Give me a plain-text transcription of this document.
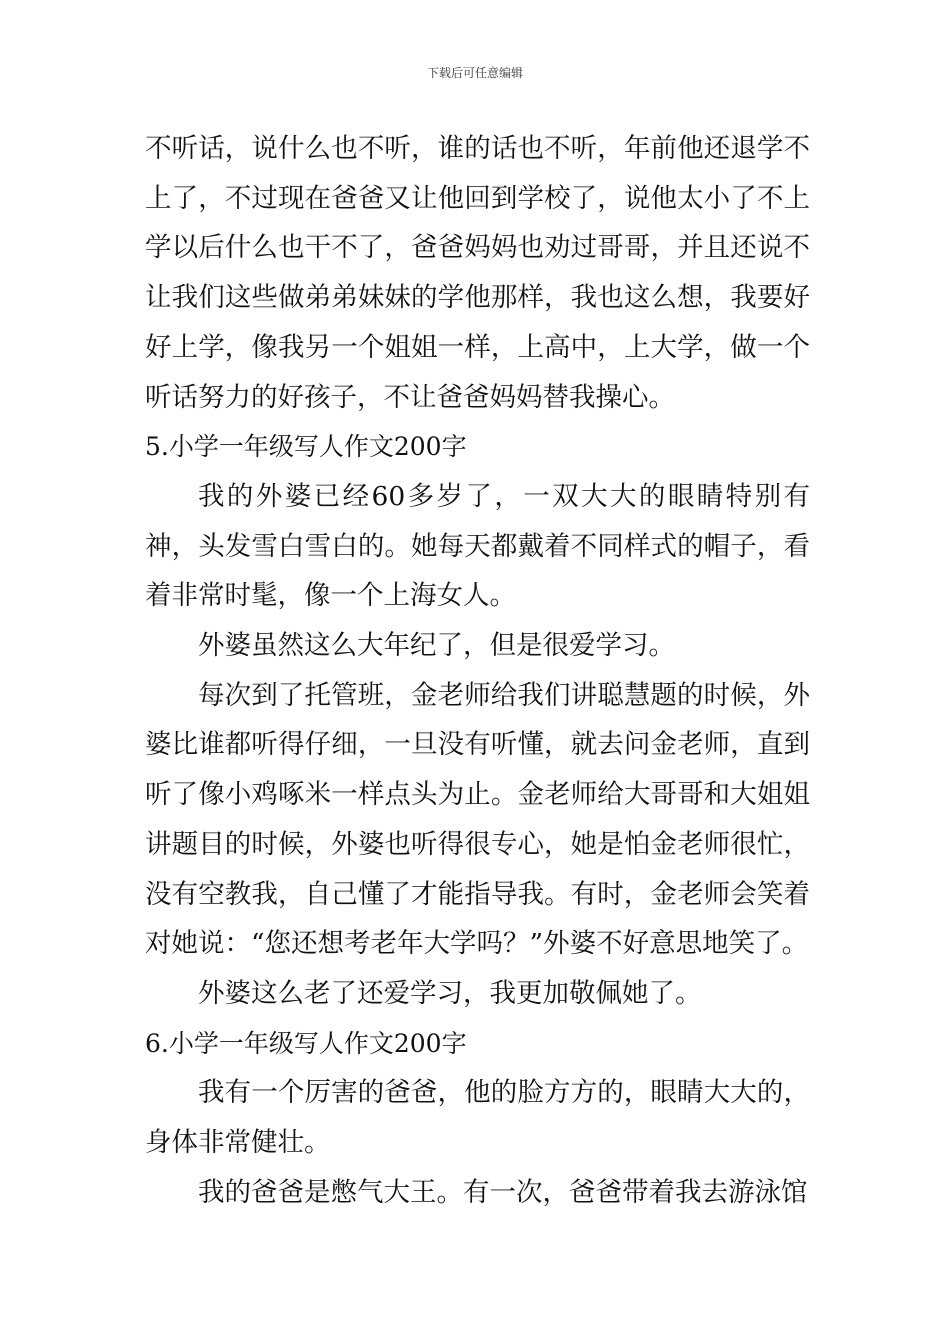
下载后可任意编辑

不听话，说什么也不听，谁的话也不听，年前他还退学不上了，不过现在爸爸又让他回到学校了，说他太小了不上学以后什么也干不了，爸爸妈妈也劝过哥哥，并且还说不让我们这些做弟弟妹妹的学他那样，我也这么想，我要好好上学，像我另一个姐姐一样，上高中，上大学，做一个听话努力的好孩子，不让爸爸妈妈替我操心。

5.小学一年级写人作文200字

我的外婆已经60多岁了，一双大大的眼睛特别有神，头发雪白雪白的。她每天都戴着不同样式的帽子，看着非常时髦，像一个上海女人。

外婆虽然这么大年纪了，但是很爱学习。

每次到了托管班，金老师给我们讲聪慧题的时候，外婆比谁都听得仔细，一旦没有听懂，就去问金老师，直到听了像小鸡啄米一样点头为止。金老师给大哥哥和大姐姐讲题目的时候，外婆也听得很专心，她是怕金老师很忙，没有空教我，自己懂了才能指导我。有时，金老师会笑着对她说：“您还想考老年大学吗？”外婆不好意思地笑了。

外婆这么老了还爱学习，我更加敬佩她了。

6.小学一年级写人作文200字

我有一个厉害的爸爸，他的脸方方的，眼睛大大的，身体非常健壮。

我的爸爸是憋气大王。有一次，爸爸带着我去游泳馆
